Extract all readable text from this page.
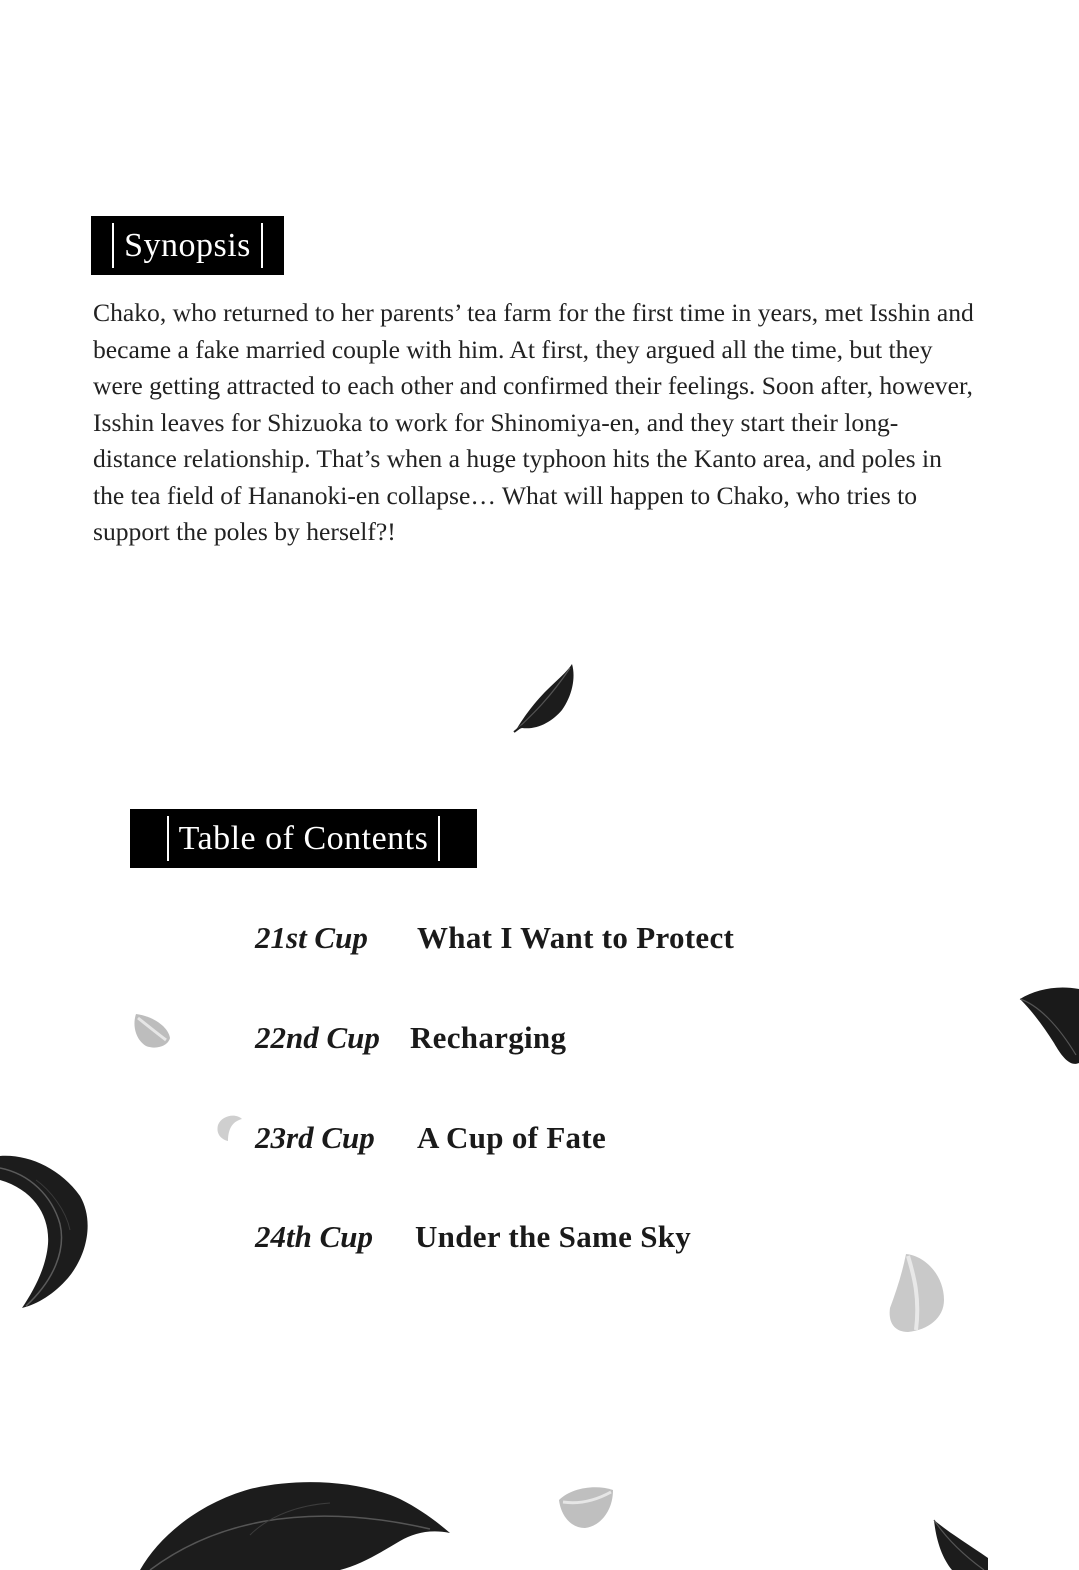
Synopsis

Chako, who returned to her parents’ tea farm for the first time in years, met Isshin and became a fake married couple with him. At first, they argued all the time, but they were getting attracted to each other and confirmed their feelings. Soon after, however, Isshin leaves for Shizuoka to work for Shinomiya-en, and they start their long-distance relationship. That’s when a huge typhoon hits the Kanto area, and poles in the tea field of Hananoki-en collapse… What will happen to Chako, who tries to support the poles by herself?!

Table of Contents
21st Cup	What I Want to Protect
22nd Cup Recharging
23rd Cup	A Cup of Fate
24th Cup	Under the Same Sky
